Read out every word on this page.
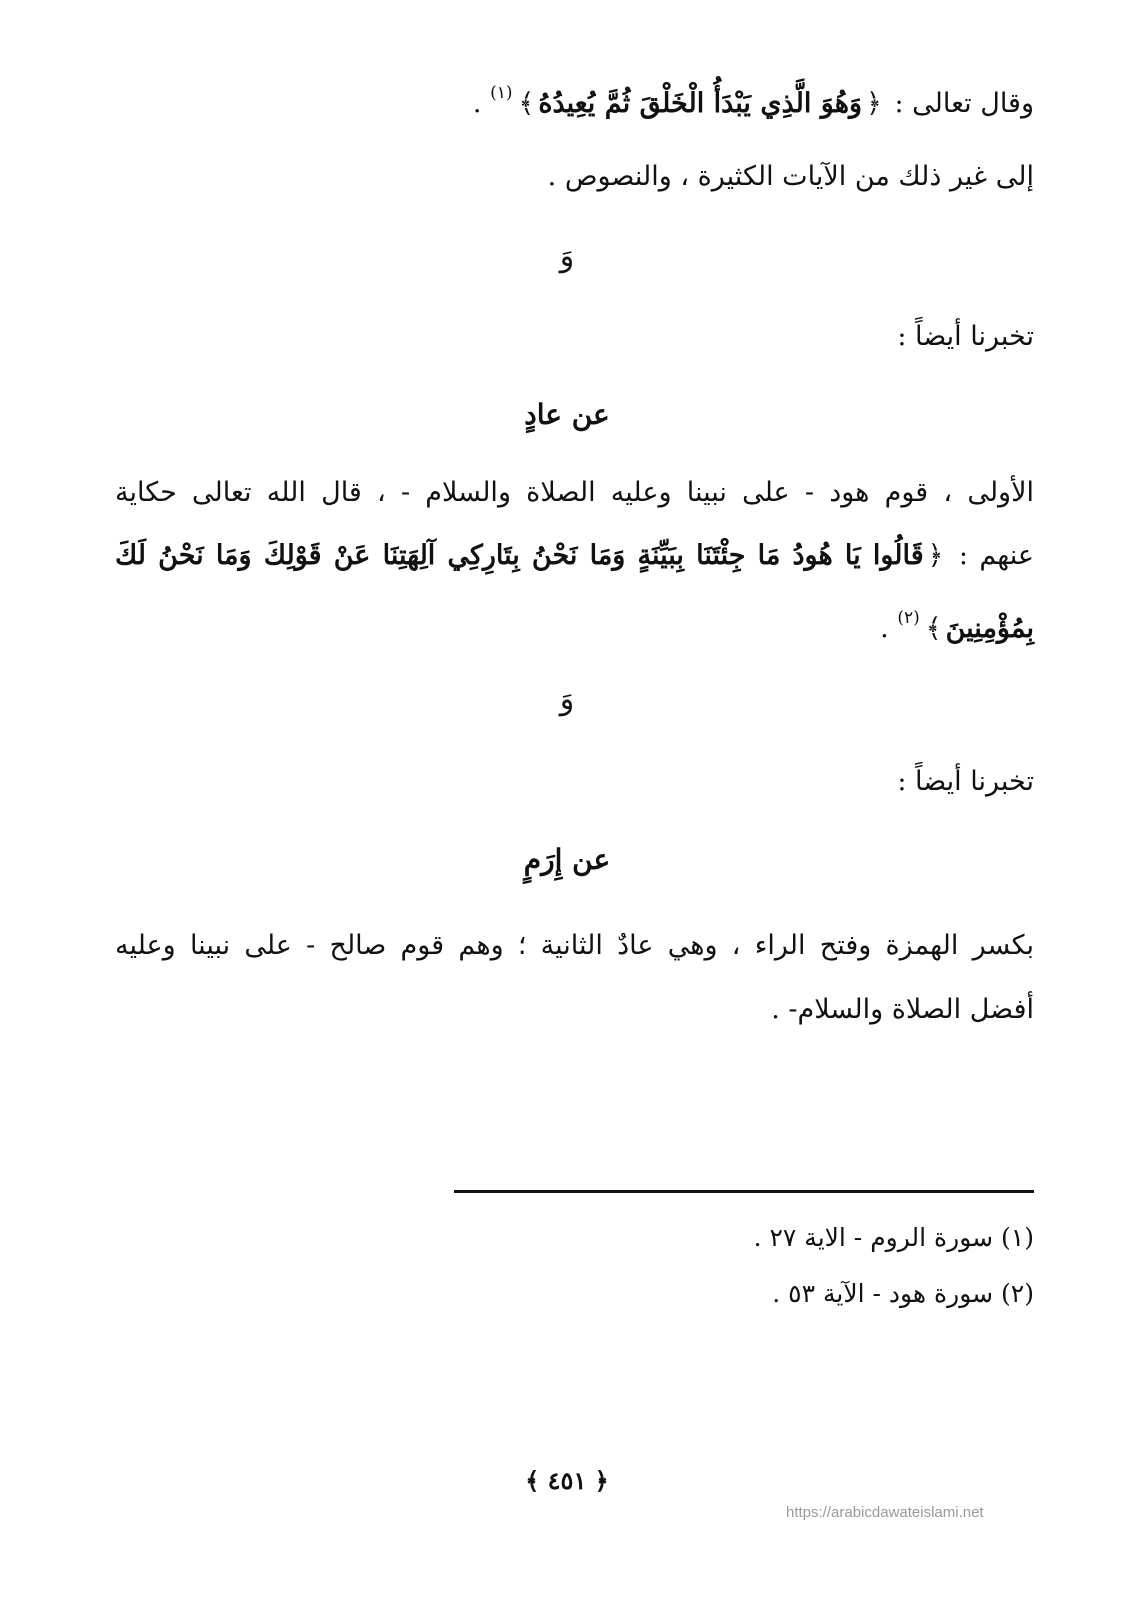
وقال تعالى : ﴿وَهُوَ الَّذِي يَبْدَأُ الْخَلْقَ ثُمَّ يُعِيدُهُ﴾$^{(١)}$ .
إلى غير ذلك من الآيات الكثيرة ، والنصوص .
وَ
تخبرنا أيضاً :
عن عادٍ
الأولى ، قوم هود - على نبينا وعليه الصلاة والسلام - ، قال الله تعالى حكاية
عنهم : ﴿قَالُوا يَا هُودُ مَا جِئْتَنَا بِبَيِّنَةٍ وَمَا نَحْنُ بِتَارِكِي آلِهَتِنَا عَنْ قَوْلِكَ وَمَا نَحْنُ لَكَ
بِمُؤْمِنِينَ﴾$^{(٢)}$ .
وَ
تخبرنا أيضاً :
عن إِرَمٍ
بكسر الهمزة وفتح الراء ، وهي عادٌ الثانية ؛ وهم قوم صالح - على نبينا وعليه
أفضل الصلاة والسلام- .
(١) سورة الروم - الاية ٢٧ .
(٢) سورة هود - الآية ٥٣ .
﴿ ٤٥١ ﴾
https://arabicdawateislami.net
